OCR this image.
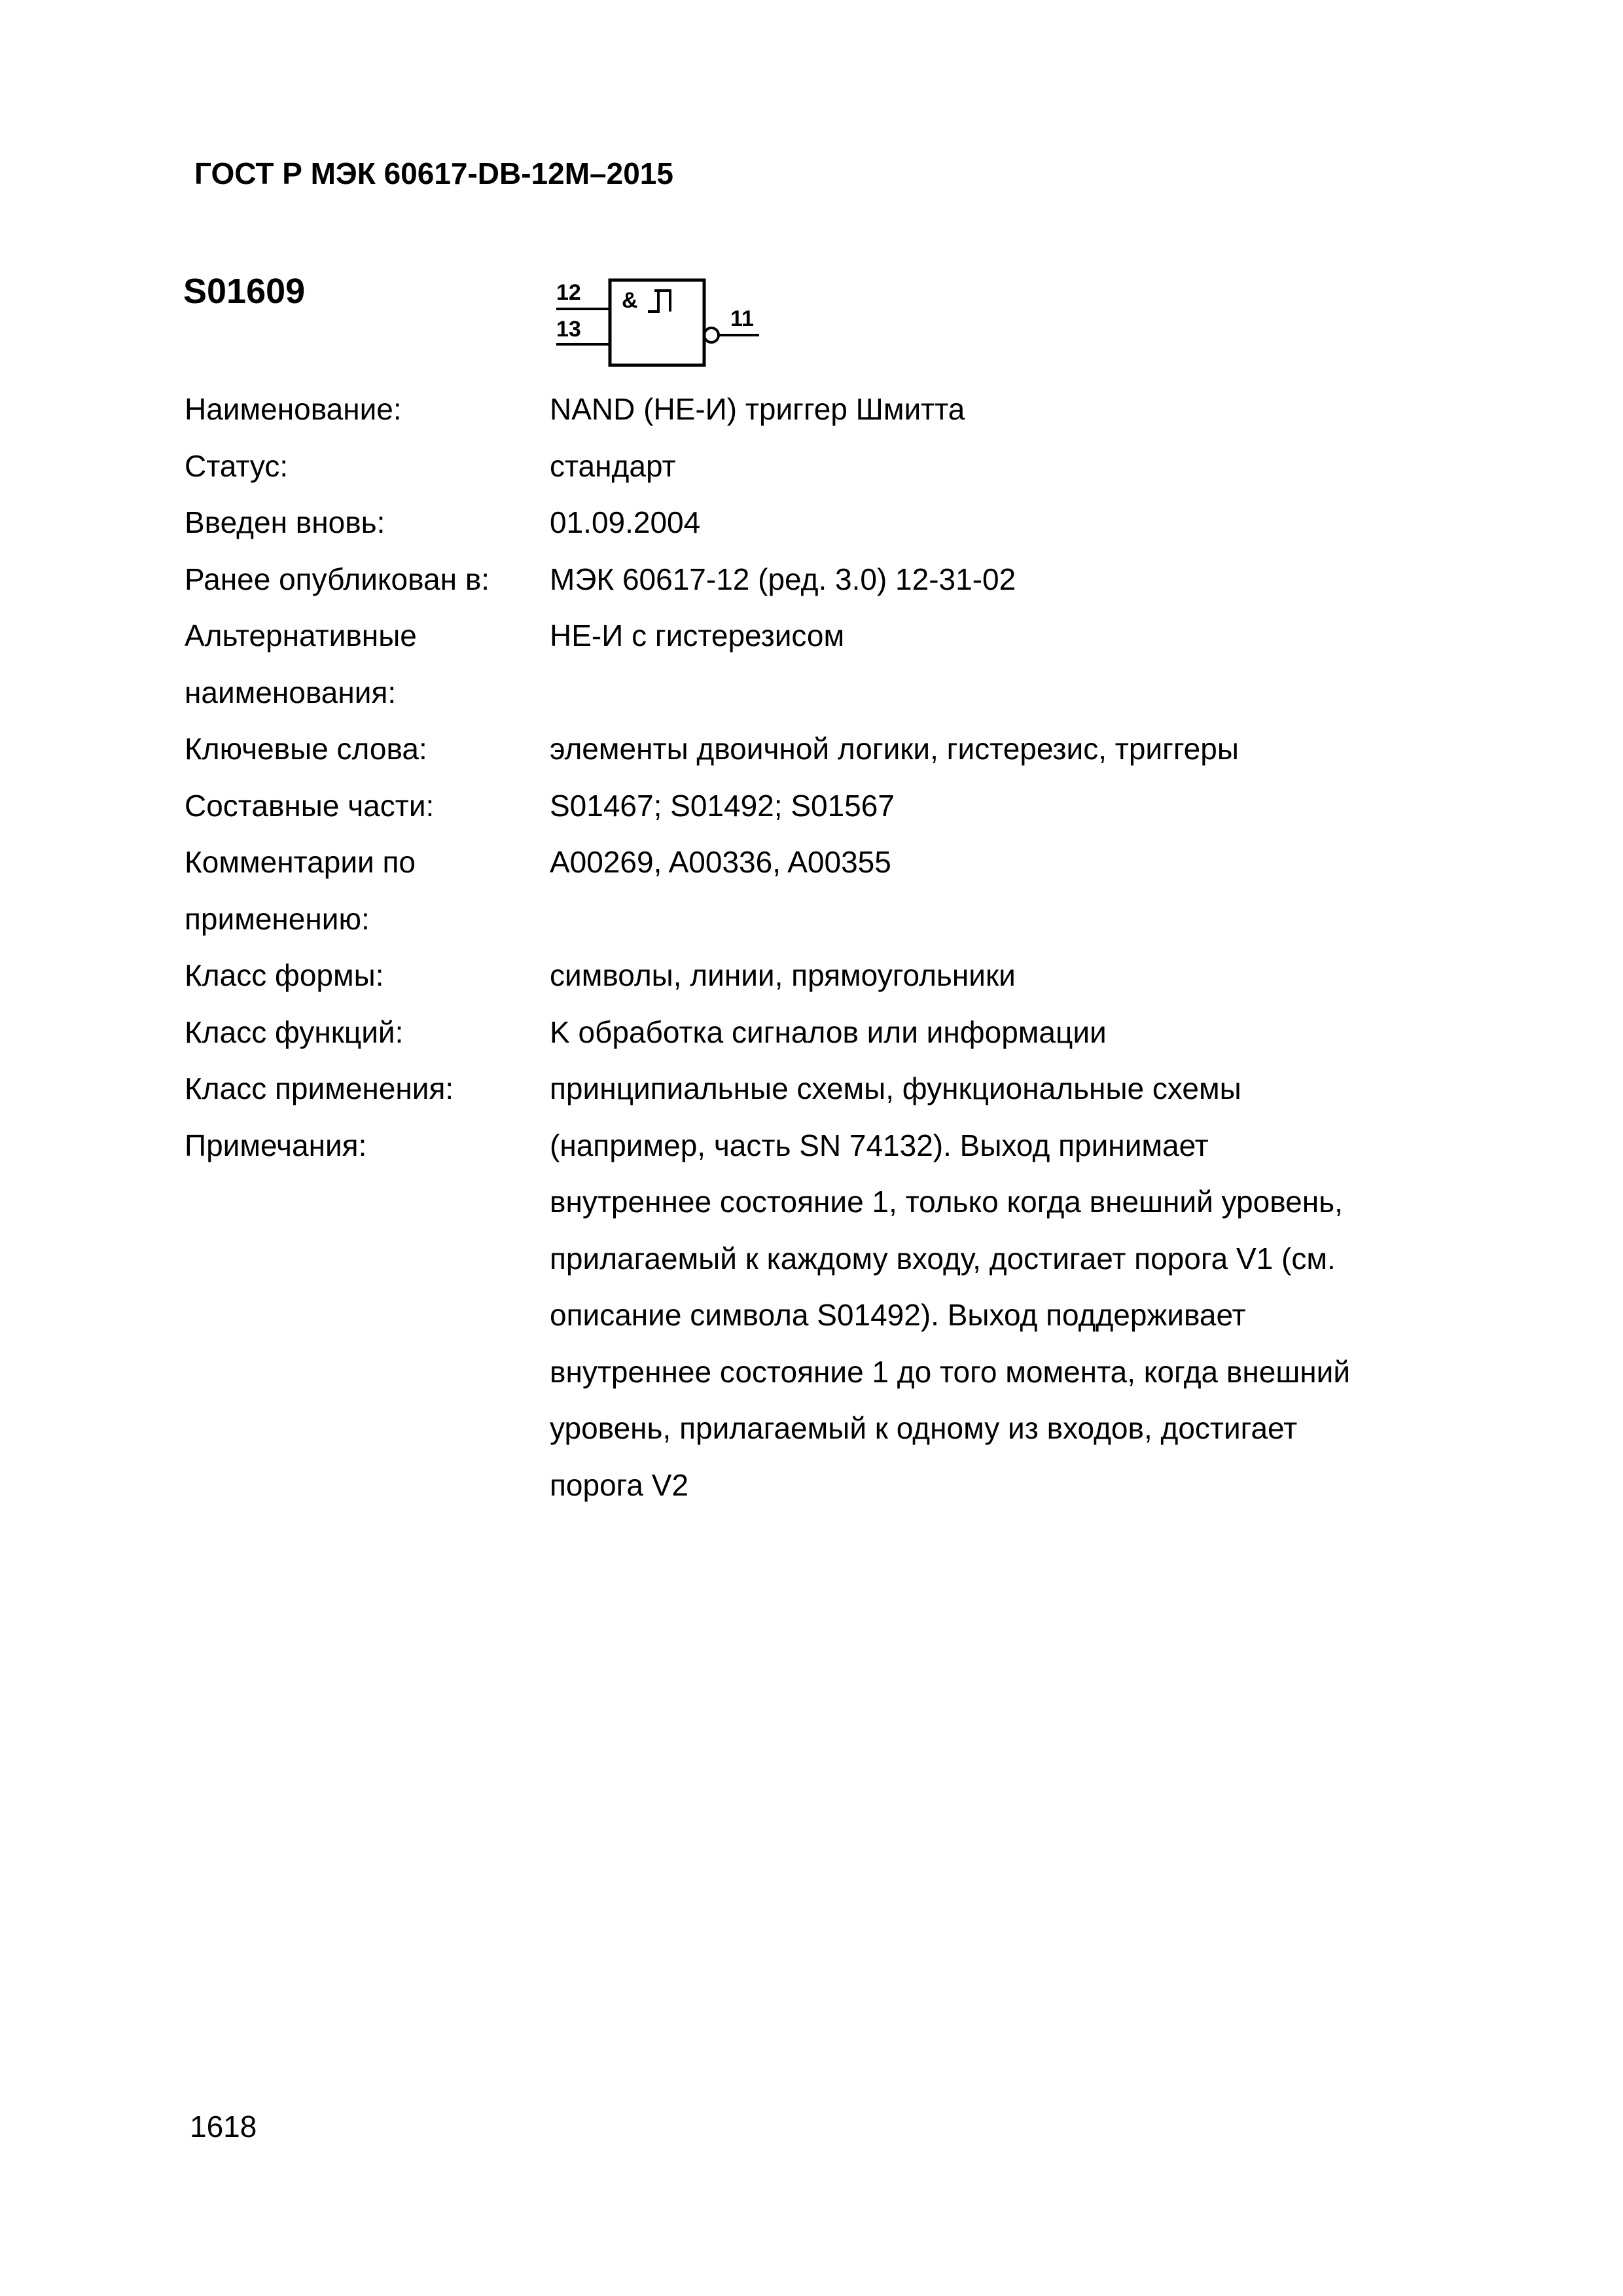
ГОСТ Р МЭК 60617-DB-12M–2015
S01609	12
13
&
11
Наименование:	NAND (НЕ-И) триггер Шмитта
Статус:	стандарт
Введен вновь:	01.09.2004
Ранее опубликован в:	МЭК 60617-12 (ред. 3.0) 12-31-02
Альтернативные наименования:
НЕ-И с гистерезисом
Ключевые слова:	элементы двоичной логики, гистерезис, триггеры
Составные части:	S01467; S01492; S01567
Комментарии по применению:
A00269, A00336, A00355
Класс формы:	символы, линии, прямоугольники
Класс функций:	K обработка сигналов или информации
Класс применения:	принципиальные схемы, функциональные схемы
Примечания:	(например, часть SN 74132). Выход принимает внутреннее состояние 1, только когда внешний уровень, прилагаемый к каждому входу, достигает порога V1 (см. описание символа S01492). Выход поддерживает внутреннее состояние 1 до того момента, когда внешний уровень, прилагаемый к одному из входов, достигает порога V2
1618
